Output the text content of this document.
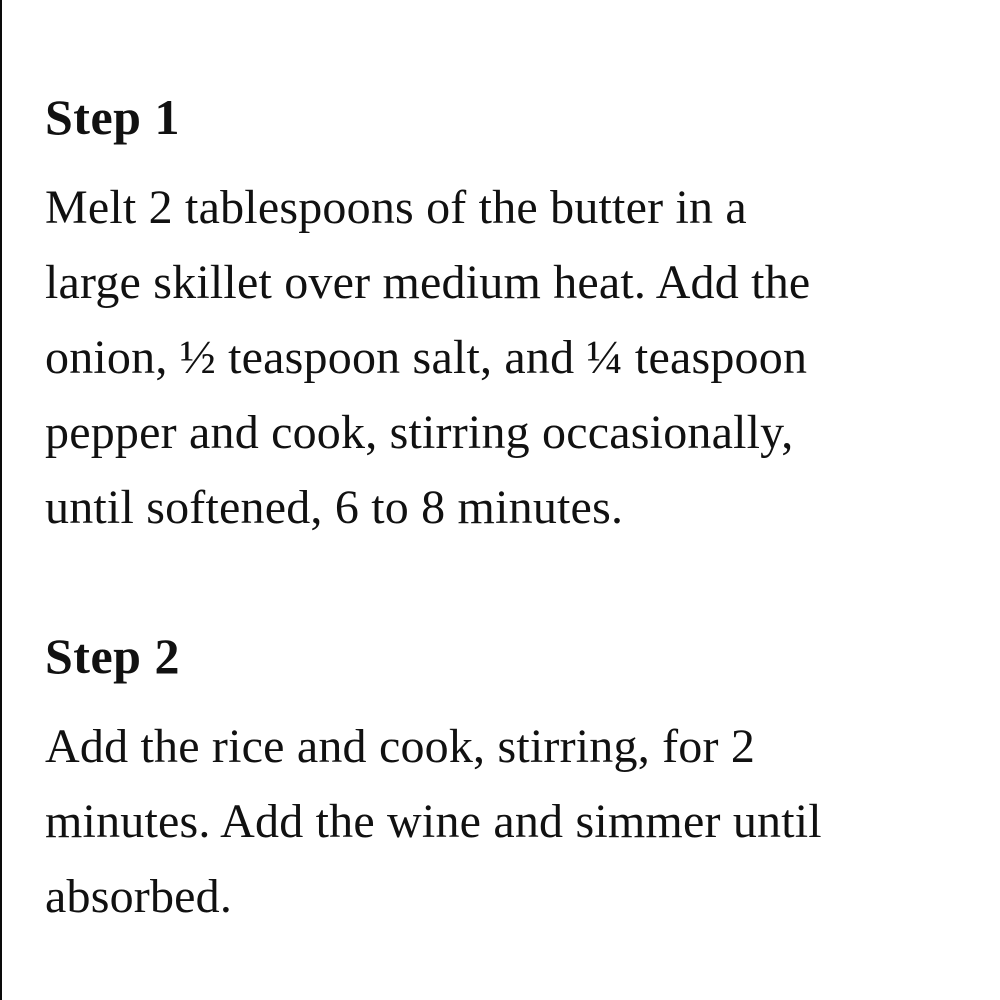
Step 1

Melt 2 tablespoons of the butter in a
large skillet over medium heat. Add the
onion, ½ teaspoon salt, and ¼ teaspoon
pepper and cook, stirring occasionally,
until softened, 6 to 8 minutes.

Step 2

Add the rice and cook, stirring, for 2
minutes. Add the wine and simmer until
absorbed.
